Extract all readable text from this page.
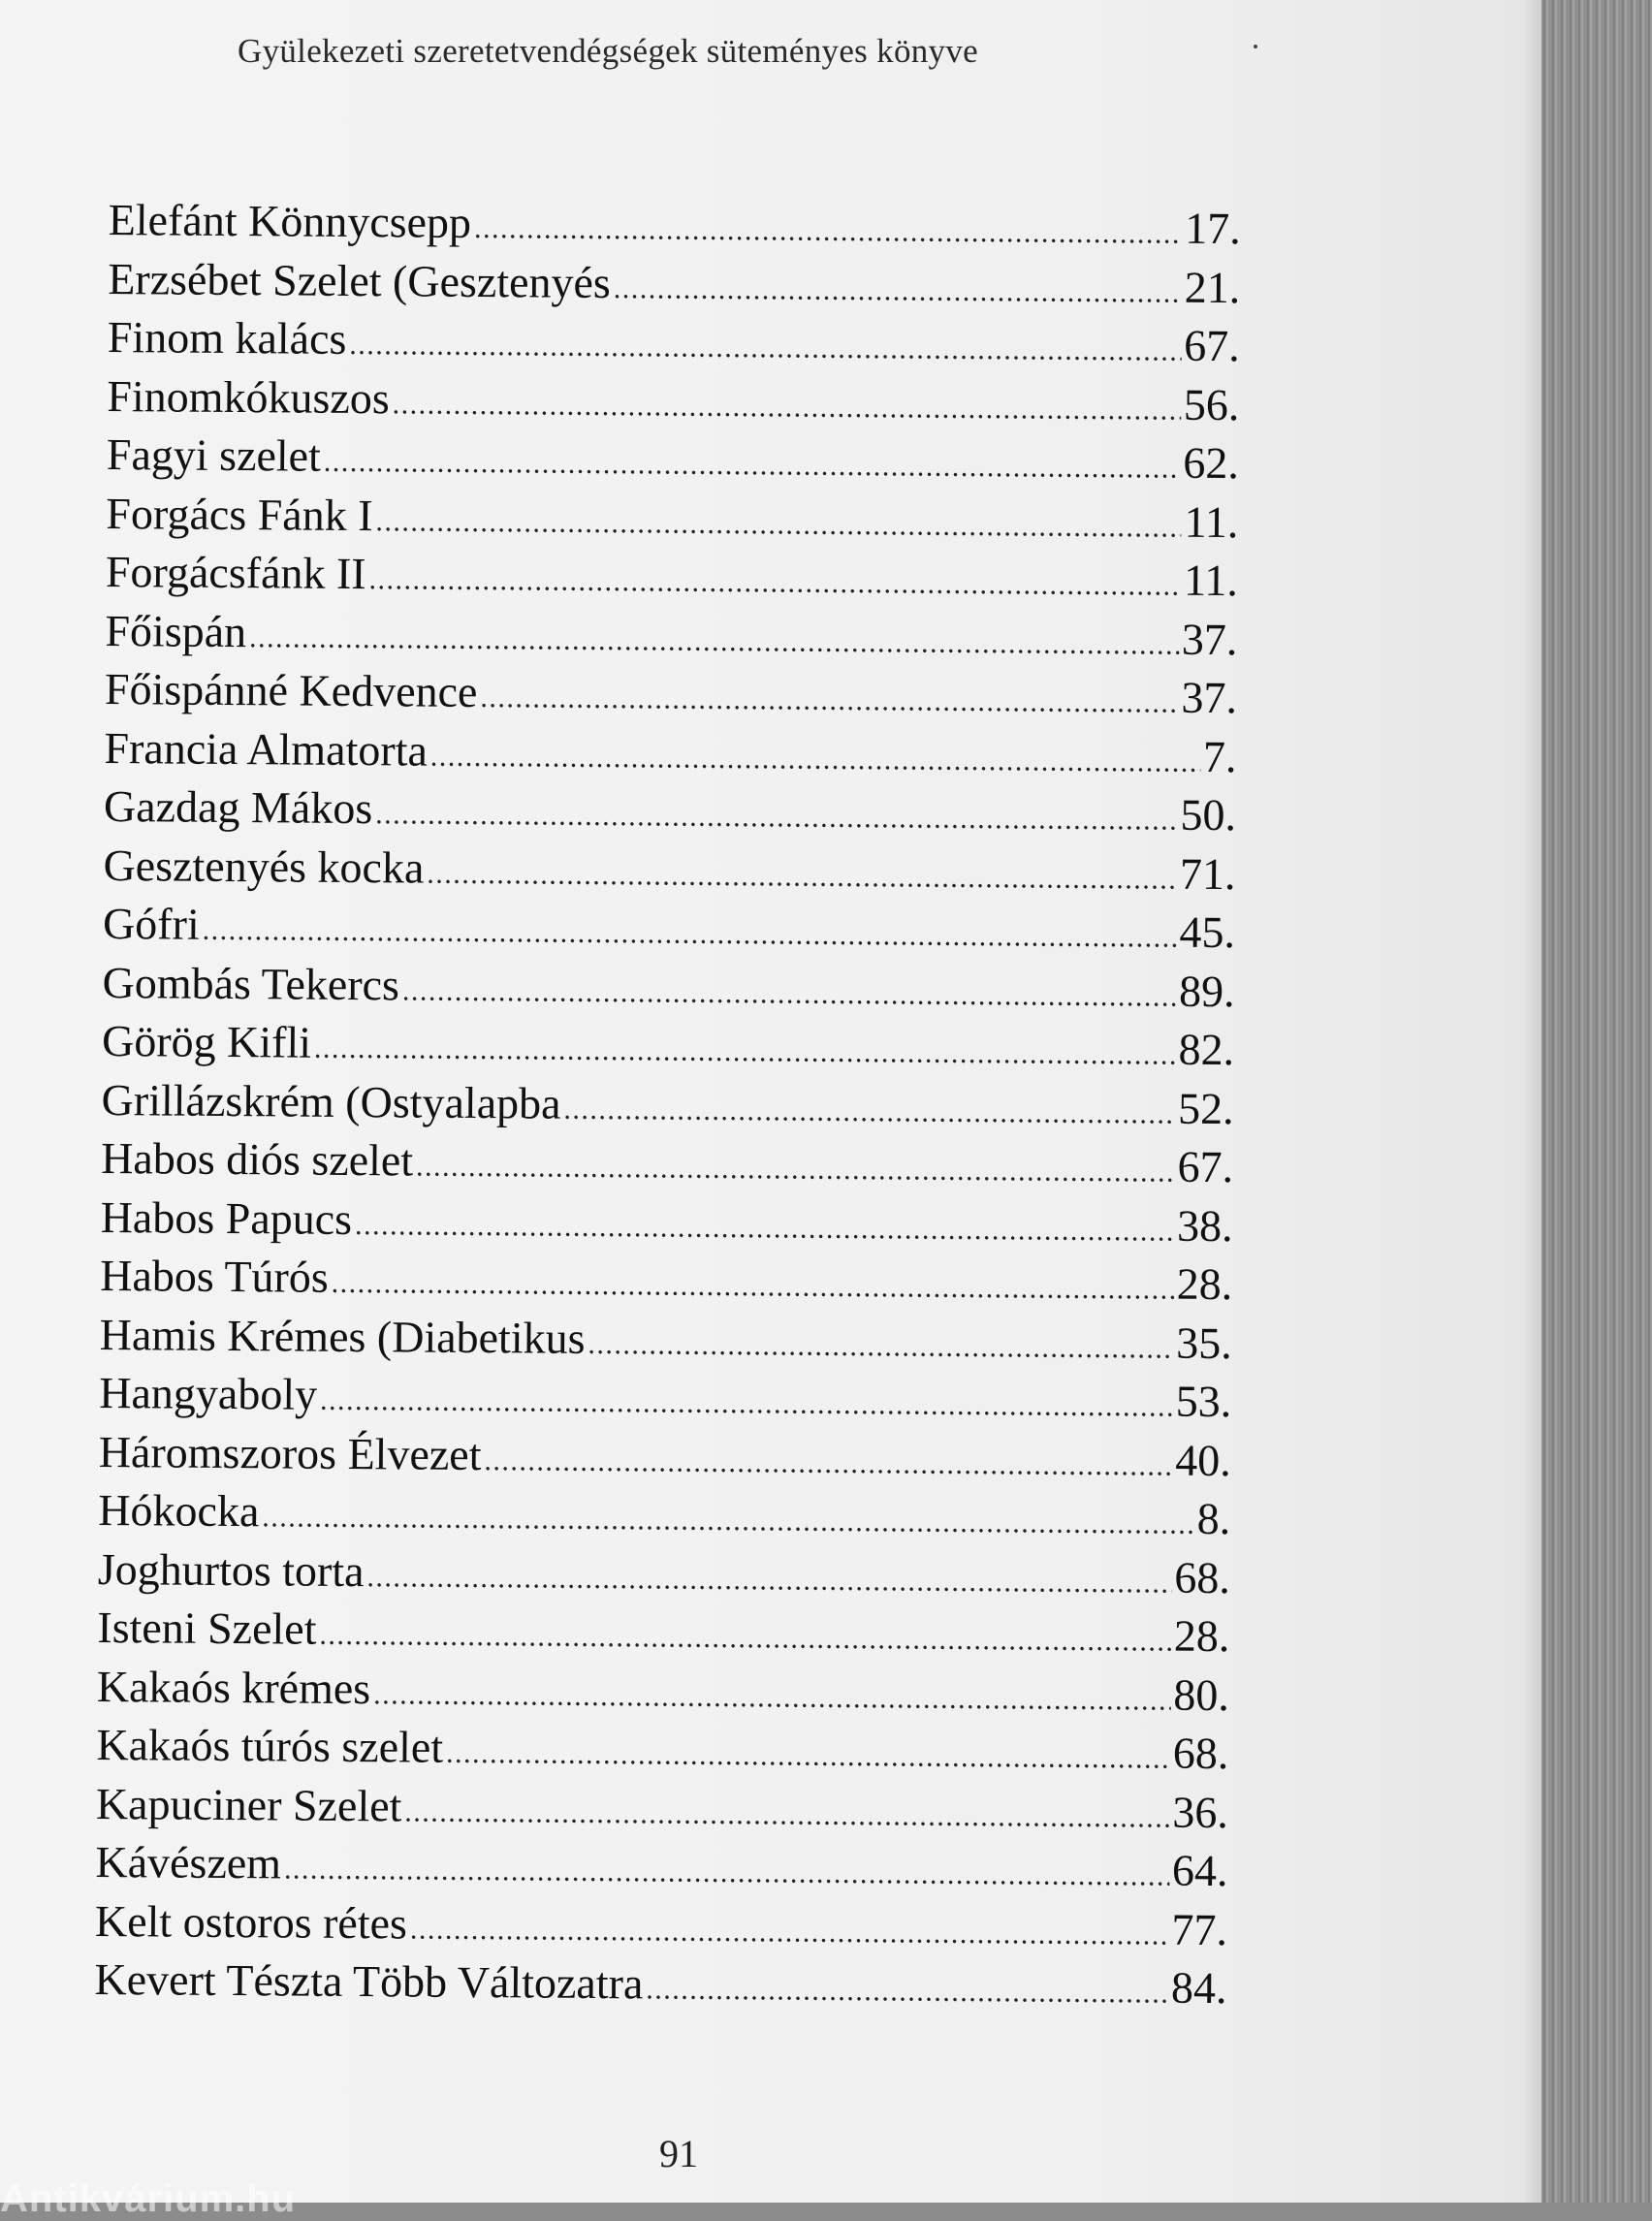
Gyülekezeti szeretetvendégségek süteményes könyve
Elefánt Könnycsepp . . .	17.
Erzsébet Szelet (Gesztenyés . . .	21.
Finom kalács . . .	67.
Finomkókuszos . . .	56.
Fagyi szelet . . .	62.
Forgács Fánk I . . .	11.
Forgácsfánk II . . .	11.
Főispán . . .	37.
Főispánné Kedvence . . .	37.
Francia Almatorta . . .	7.
Gazdag Mákos . . .	50.
Gesztenyés kocka . . .	71.
Gófri . . .	45.
Gombás Tekercs . . .	89.
Görög Kifli . . .	82.
Grillázskrém (Ostyalapba . . .	52.
Habos diós szelet . . .	67.
Habos Papucs . . .	38.
Habos Túrós . . .	28.
Hamis Krémes (Diabetikus . . .	35.
Hangyaboly . . .	53.
Háromszoros Élvezet . . .	40.
Hókocka . . .	8.
Joghurtos torta . . .	68.
Isteni Szelet . . .	28.
Kakaós krémes . . .	80.
Kakaós túrós szelet . . .	68.
Kapuciner Szelet . . .	36.
Kávészem . . .	64.
Kelt ostoros rétes . . .	77.
Kevert Tészta Több Változatra . . .	84.
91
Antikvárium.hu
